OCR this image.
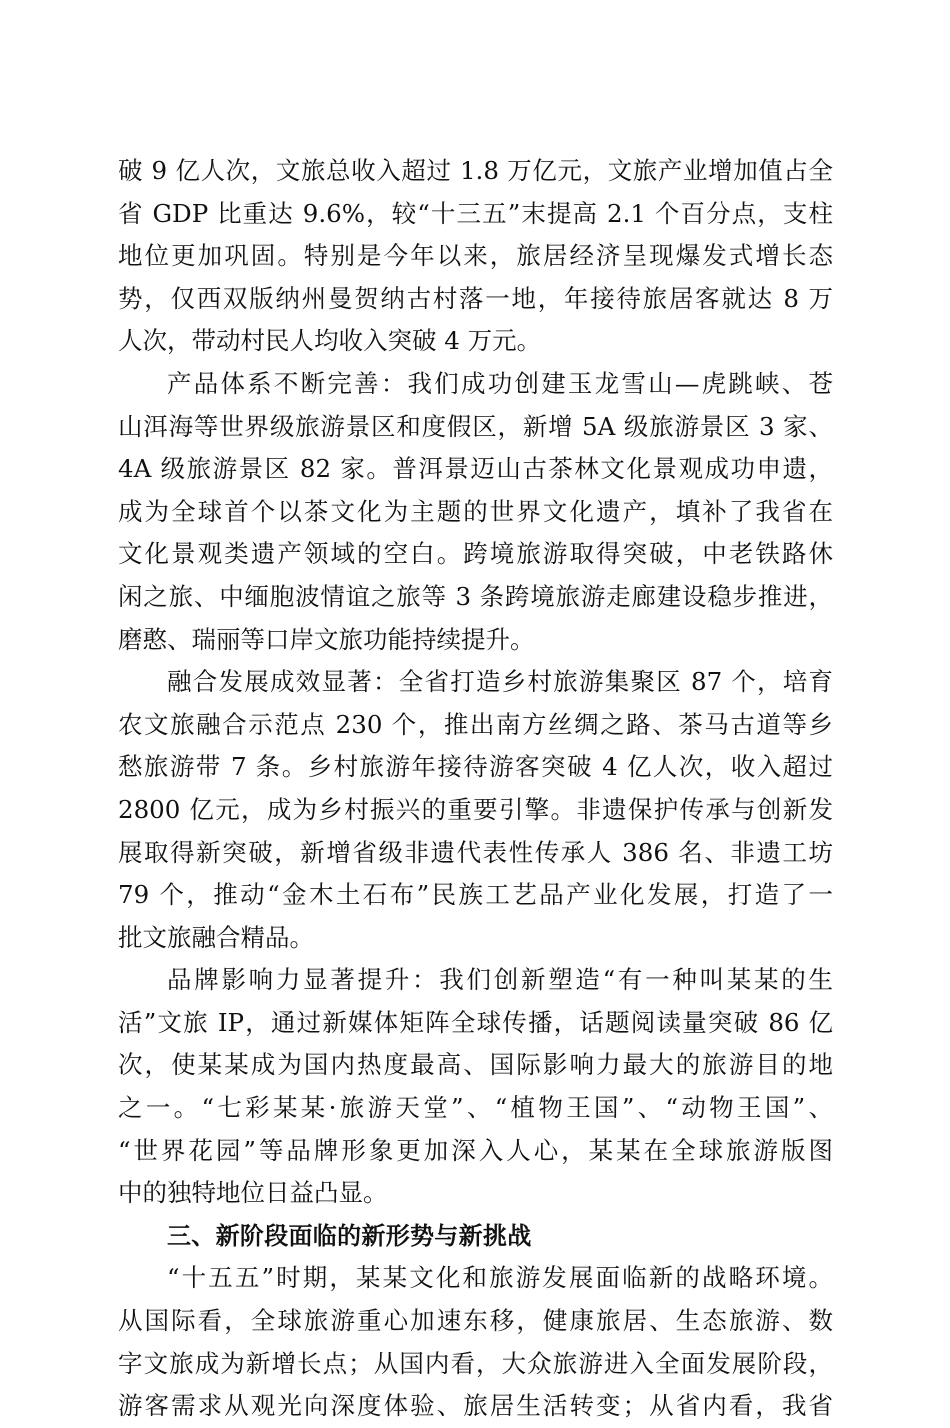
破 9 亿人次，文旅总收入超过 1.8 万亿元，文旅产业增加值占全
省 GDP 比重达 9.6%，较“十三五”末提高 2.1 个百分点，支柱
地位更加巩固。特别是今年以来，旅居经济呈现爆发式增长态
势，仅西双版纳州曼贺纳古村落一地，年接待旅居客就达 8 万
人次，带动村民人均收入突破 4 万元。
产品体系不断完善：我们成功创建玉龙雪山—虎跳峡、苍
山洱海等世界级旅游景区和度假区，新增 5A 级旅游景区 3 家、
4A 级旅游景区 82 家。普洱景迈山古茶林文化景观成功申遗，
成为全球首个以茶文化为主题的世界文化遗产，填补了我省在
文化景观类遗产领域的空白。跨境旅游取得突破，中老铁路休
闲之旅、中缅胞波情谊之旅等 3 条跨境旅游走廊建设稳步推进，
磨憨、瑞丽等口岸文旅功能持续提升。
融合发展成效显著：全省打造乡村旅游集聚区 87 个，培育
农文旅融合示范点 230 个，推出南方丝绸之路、茶马古道等乡
愁旅游带 7 条。乡村旅游年接待游客突破 4 亿人次，收入超过
2800 亿元，成为乡村振兴的重要引擎。非遗保护传承与创新发
展取得新突破，新增省级非遗代表性传承人 386 名、非遗工坊
79 个，推动“金木土石布”民族工艺品产业化发展，打造了一
批文旅融合精品。
品牌影响力显著提升：我们创新塑造“有一种叫某某的生
活”文旅 IP，通过新媒体矩阵全球传播，话题阅读量突破 86 亿
次，使某某成为国内热度最高、国际影响力最大的旅游目的地
之一。“七彩某某·旅游天堂”、“植物王国”、“动物王国”、
“世界花园”等品牌形象更加深入人心，某某在全球旅游版图
中的独特地位日益凸显。
三、新阶段面临的新形势与新挑战
“十五五”时期，某某文化和旅游发展面临新的战略环境。
从国际看，全球旅游重心加速东移，健康旅居、生态旅游、数
字文旅成为新增长点；从国内看，大众旅游进入全面发展阶段，
游客需求从观光向深度体验、旅居生活转变；从省内看，我省
